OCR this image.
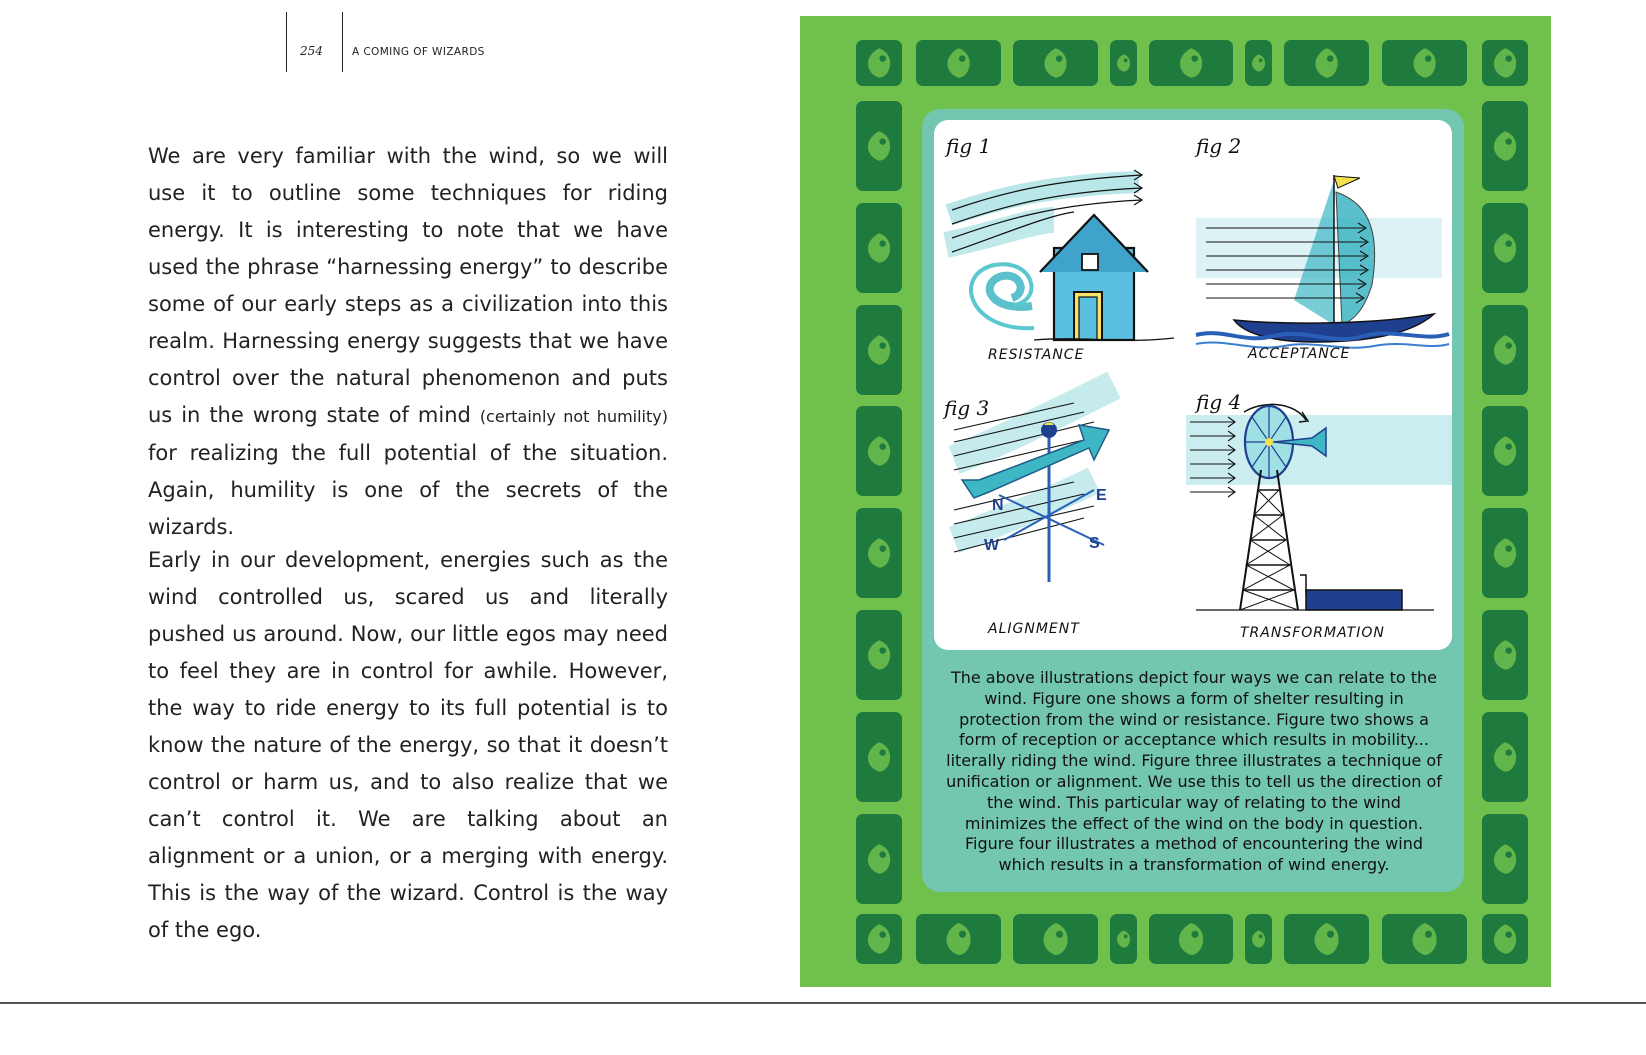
254	A COMING OF WIZARDS

We are very familiar with the wind, so we will use it to outline some techniques for riding energy. It is interesting to note that we have used the phrase “harnessing energy” to describe some of our early steps as a civilization into this realm. Harnessing energy suggests that we have control over the natural phenomenon and puts us in the wrong state of mind (certainly not humility) for realizing the full potential of the situation. Again, humility is one of the secrets of the wizards.

Early in our development, energies such as the wind controlled us, scared us and literally pushed us around. Now, our little egos may need to feel they are in control for awhile. However, the way to ride energy to its full potential is to know the nature of the energy, so that it doesn’t control or harm us, and to also realize that we can’t control it. We are talking about an alignment or a union, or a merging with energy. This is the way of the wizard. Control is the way of the ego.

N
E
S
W
fig 1	fig 2
fig 3	fig 4
RESISTANCE	ACCEPTANCE
ALIGNMENT	TRANSFORMATION

The above illustrations depict four ways we can relate to the wind. Figure one shows a form of shelter resulting in protection from the wind or resistance. Figure two shows a form of reception or acceptance which results in mobility... literally riding the wind. Figure three illustrates a technique of unification or alignment. We use this to tell us the direction of the wind. This particular way of relating to the wind minimizes the effect of the wind on the body in question. Figure four illustrates a method of encountering the wind which results in a transformation of wind energy.
